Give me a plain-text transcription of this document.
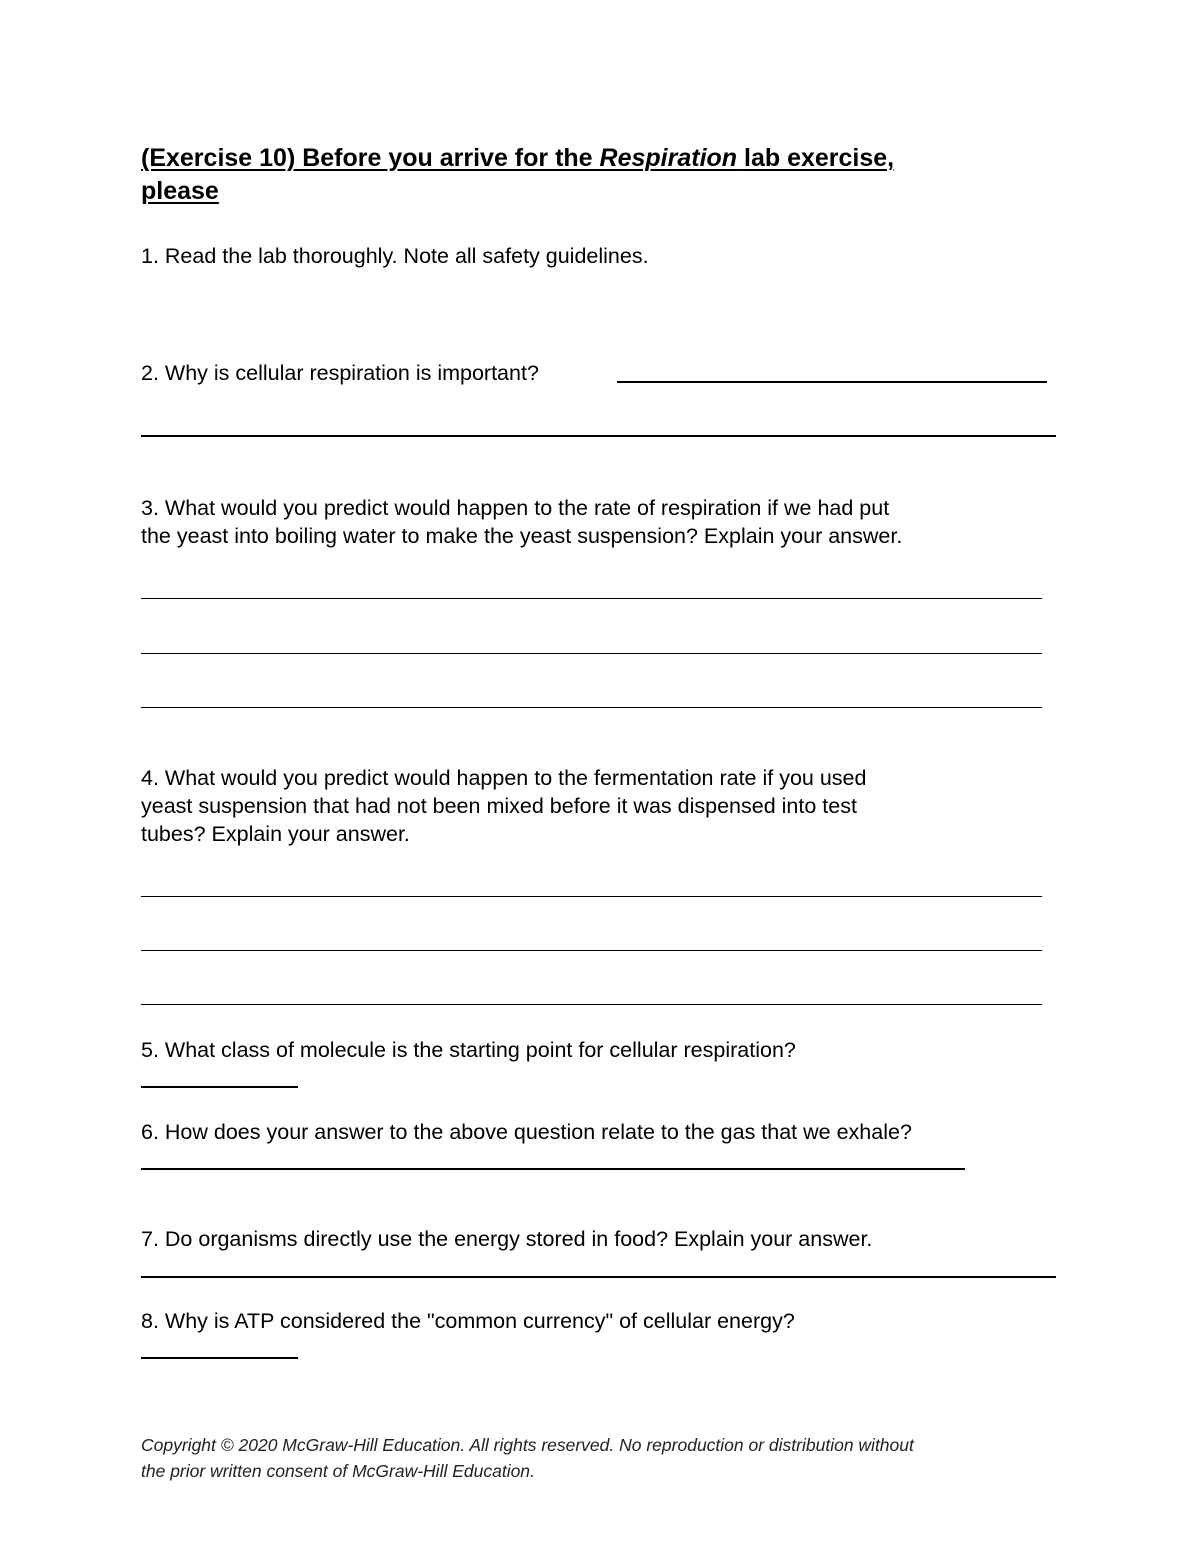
(Exercise 10) Before you arrive for the Respiration lab exercise,
please
1. Read the lab thoroughly. Note all safety guidelines.
2. Why is cellular respiration is important?
3. What would you predict would happen to the rate of respiration if we had put
the yeast into boiling water to make the yeast suspension? Explain your answer.
4. What would you predict would happen to the fermentation rate if you used
yeast suspension that had not been mixed before it was dispensed into test
tubes? Explain your answer.
5. What class of molecule is the starting point for cellular respiration?
6. How does your answer to the above question relate to the gas that we exhale?
7. Do organisms directly use the energy stored in food? Explain your answer.
8. Why is ATP considered the "common currency" of cellular energy?
Copyright © 2020 McGraw-Hill Education. All rights reserved. No reproduction or distribution without
the prior written consent of McGraw-Hill Education.
